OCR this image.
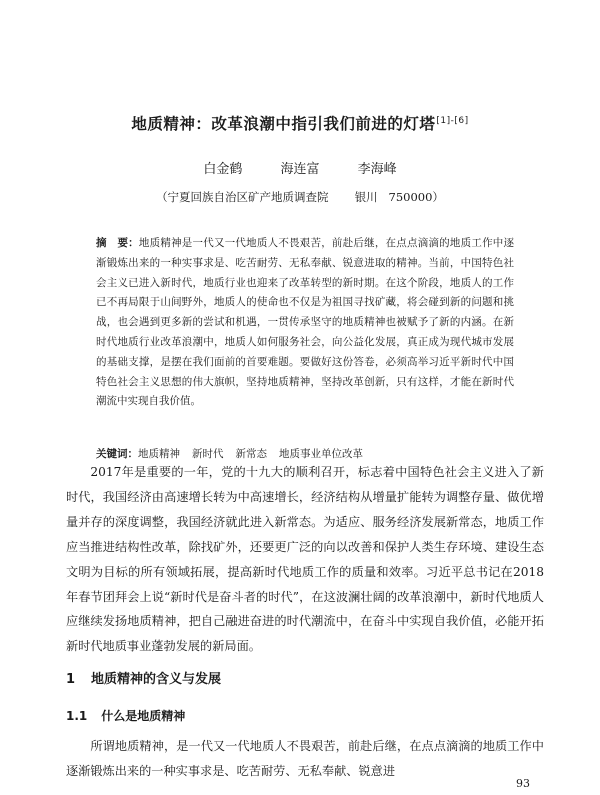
地质精神：改革浪潮中指引我们前进的灯塔[1]-[6]
白金鹤	海连富	李海峰
（宁夏回族自治区矿产地质调查院 银川 750000）
摘　要：地质精神是一代又一代地质人不畏艰苦，前赴后继，在点点滴滴的地质工作中逐渐锻炼出来的一种实事求是、吃苦耐劳、无私奉献、锐意进取的精神。当前，中国特色社会主义已进入新时代，地质行业也迎来了改革转型的新时期。在这个阶段，地质人的工作已不再局限于山间野外，地质人的使命也不仅是为祖国寻找矿藏，将会碰到新的问题和挑战，也会遇到更多新的尝试和机遇，一贯传承坚守的地质精神也被赋予了新的内涵。在新时代地质行业改革浪潮中，地质人如何服务社会，向公益化发展，真正成为现代城市发展的基础支撑，是摆在我们面前的首要难题。要做好这份答卷，必须高举习近平新时代中国特色社会主义思想的伟大旗帜，坚持地质精神，坚持改革创新，只有这样，才能在新时代潮流中实现自我价值。
关键词：地质精神 新时代 新常态 地质事业单位改革
2017年是重要的一年，党的十九大的顺利召开，标志着中国特色社会主义进入了新时代，我国经济由高速增长转为中高速增长，经济结构从增量扩能转为调整存量、做优增量并存的深度调整，我国经济就此进入新常态。为适应、服务经济发展新常态，地质工作应当推进结构性改革，除找矿外，还要更广泛的向以改善和保护人类生存环境、建设生态文明为目标的所有领域拓展，提高新时代地质工作的质量和效率。习近平总书记在2018年春节团拜会上说“新时代是奋斗者的时代”，在这波澜壮阔的改革浪潮中，新时代地质人应继续发扬地质精神，把自己融进奋进的时代潮流中，在奋斗中实现自我价值，必能开拓新时代地质事业蓬勃发展的新局面。
1 地质精神的含义与发展
1.1 什么是地质精神
所谓地质精神，是一代又一代地质人不畏艰苦，前赴后继，在点点滴滴的地质工作中逐渐锻炼出来的一种实事求是、吃苦耐劳、无私奉献、锐意进
93
